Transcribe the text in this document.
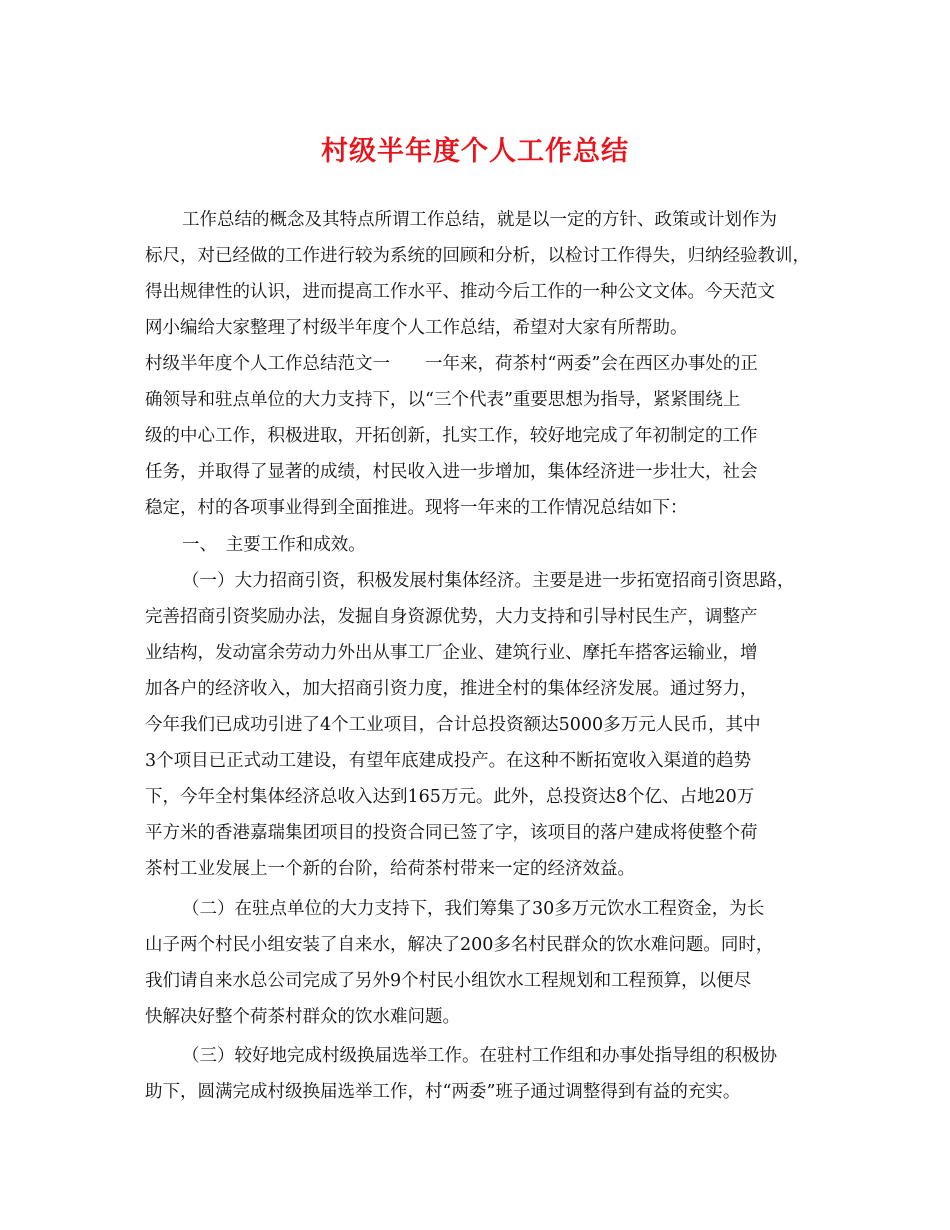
村级半年度个人工作总结

工作总结的概念及其特点所谓工作总结，就是以一定的方针、政策或计划作为

标尺，对已经做的工作进行较为系统的回顾和分析，以检讨工作得失，归纳经验教训，

得出规律性的认识，进而提高工作水平、推动今后工作的一种公文文体。今天范文

网小编给大家整理了村级半年度个人工作总结，希望对大家有所帮助。

村级半年度个人工作总结范文一　　一年来，荷茶村“两委”会在西区办事处的正

确领导和驻点单位的大力支持下，以“三个代表”重要思想为指导，紧紧围绕上

级的中心工作，积极进取，开拓创新，扎实工作，较好地完成了年初制定的工作

任务，并取得了显著的成绩，村民收入进一步增加，集体经济进一步壮大，社会

稳定，村的各项事业得到全面推进。现将一年来的工作情况总结如下：

一、　主要工作和成效。

（一）大力招商引资，积极发展村集体经济。主要是进一步拓宽招商引资思路，

完善招商引资奖励办法，发掘自身资源优势，大力支持和引导村民生产，调整产

业结构，发动富余劳动力外出从事工厂企业、建筑行业、摩托车搭客运输业，增

加各户的经济收入，加大招商引资力度，推进全村的集体经济发展。通过努力，

今年我们已成功引进了4个工业项目，合计总投资额达5000多万元人民币，其中

3个项目已正式动工建设，有望年底建成投产。在这种不断拓宽收入渠道的趋势

下，今年全村集体经济总收入达到165万元。此外，总投资达8个亿、占地20万

平方米的香港嘉瑞集团项目的投资合同已签了字，该项目的落户建成将使整个荷

茶村工业发展上一个新的台阶，给荷茶村带来一定的经济效益。

（二）在驻点单位的大力支持下，我们筹集了30多万元饮水工程资金，为长

山子两个村民小组安装了自来水，解决了200多名村民群众的饮水难问题。同时，

我们请自来水总公司完成了另外9个村民小组饮水工程规划和工程预算，以便尽

快解决好整个荷茶村群众的饮水难问题。

（三）较好地完成村级换届选举工作。在驻村工作组和办事处指导组的积极协

助下，圆满完成村级换届选举工作，村“两委”班子通过调整得到有益的充实。
